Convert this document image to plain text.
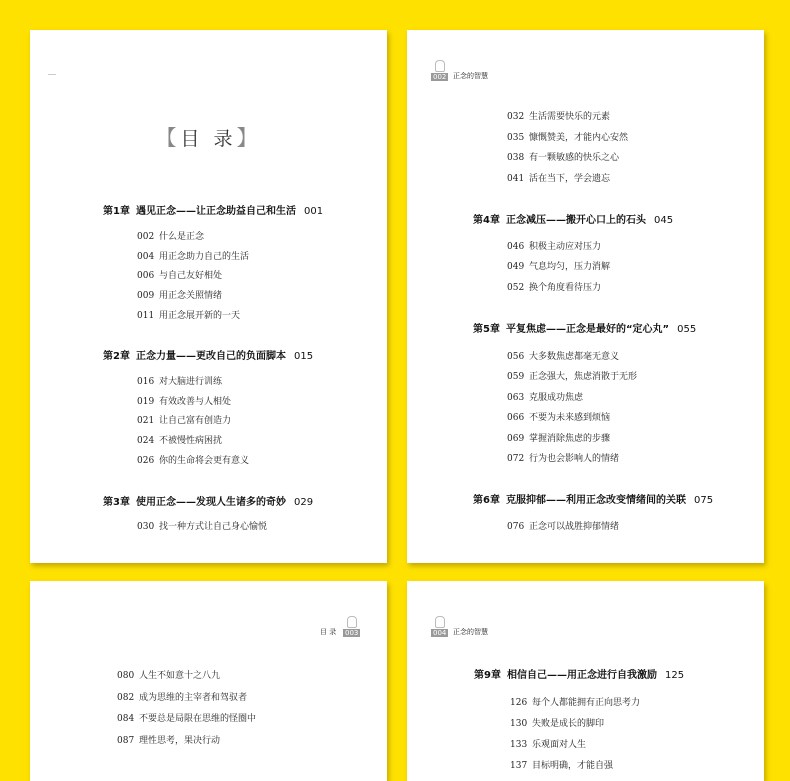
【目 录】
第1章 遇见正念——让正念助益自己和生活 001
002 什么是正念
004 用正念助力自己的生活
006 与自己友好相处
009 用正念关照情绪
011 用正念展开新的一天
第2章 正念力量——更改自己的负面脚本 015
016 对大脑进行训练
019 有效改善与人相处
021 让自己富有创造力
024 不被慢性病困扰
026 你的生命将会更有意义
第3章 使用正念——发现人生诸多的奇妙 029
030 找一种方式让自己身心愉悦
002 正念的智慧
032 生活需要快乐的元素
035 慷慨赞美，才能内心安然
038 有一颗敏感的快乐之心
041 活在当下，学会遗忘
第4章 正念减压——搬开心口上的石头 045
046 积极主动应对压力
049 气息均匀，压力消解
052 换个角度看待压力
第5章 平复焦虑——正念是最好的“定心丸” 055
056 大多数焦虑都毫无意义
059 正念强大，焦虑消散于无形
063 克服成功焦虑
066 不要为未来感到烦恼
069 掌握消除焦虑的步骤
072 行为也会影响人的情绪
第6章 克服抑郁——利用正念改变情绪间的关联 075
076 正念可以战胜抑郁情绪
目 录 003
080 人生不如意十之八九
082 成为思维的主宰者和驾驭者
084 不要总是局限在思维的怪圈中
087 理性思考，果决行动
004 正念的智慧
第9章 相信自己——用正念进行自我激励 125
126 每个人都能拥有正向思考力
130 失败是成长的脚印
133 乐观面对人生
137 目标明确，才能自强
